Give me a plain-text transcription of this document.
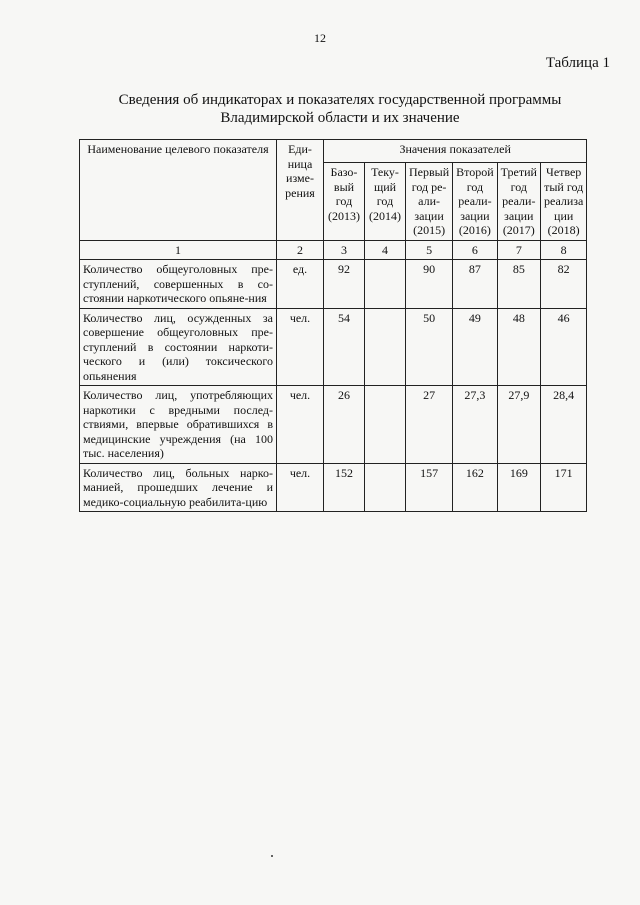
12
Таблица 1
Сведения об индикаторах и показателях государственной программы Владимирской области и их значение
Наименование целевого показателя	Еди-ница изме-рения	Значения показателей					
		Базо-вый год (2013)	Теку-щий год (2014)	Первый год ре-али-зации (2015)	Второй год реали-зации (2016)	Третий год реали-зации (2017)	Четвер тый год реализа ции (2018)
1	2	3	4	5	6	7	8
Количество общеуголовных пре-ступлений, совершенных в со-стоянии наркотического опьяне-ния	ед.	92		90	87	85	82
Количество лиц, осужденных за совершение общеуголовных пре-ступлений в состоянии наркоти-ческого и (или) токсического опьянения	чел.	54		50	49	48	46
Количество лиц, употребляющих наркотики с вредными послед-ствиями, впервые обратившихся в медицинские учреждения (на 100 тыс. населения)	чел.	26		27	27,3	27,9	28,4
Количество лиц, больных нарко-манией, прошедших лечение и медико-социальную реабилита-цию	чел.	152		157	162	169	171
